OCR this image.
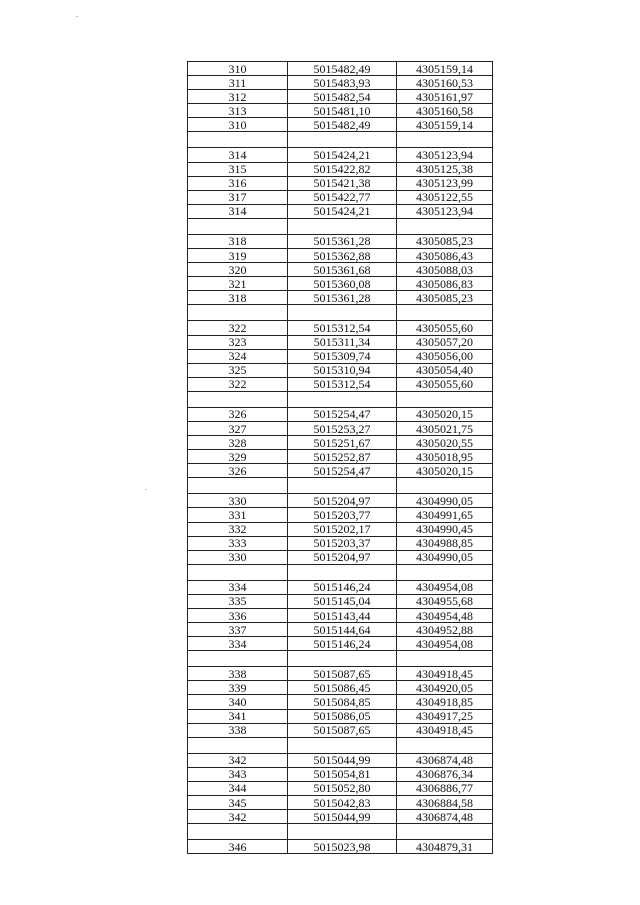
310	5015482,49	4305159,14
311	5015483,93	4305160,53
312	5015482,54	4305161,97
313	5015481,10	4305160,58
310	5015482,49	4305159,14

314	5015424,21	4305123,94
315	5015422,82	4305125,38
316	5015421,38	4305123,99
317	5015422,77	4305122,55
314	5015424,21	4305123,94

318	5015361,28	4305085,23
319	5015362,88	4305086,43
320	5015361,68	4305088,03
321	5015360,08	4305086,83
318	5015361,28	4305085,23

322	5015312,54	4305055,60
323	5015311,34	4305057,20
324	5015309,74	4305056,00
325	5015310,94	4305054,40
322	5015312,54	4305055,60

326	5015254,47	4305020,15
327	5015253,27	4305021,75
328	5015251,67	4305020,55
329	5015252,87	4305018,95
326	5015254,47	4305020,15

330	5015204,97	4304990,05
331	5015203,77	4304991,65
332	5015202,17	4304990,45
333	5015203,37	4304988,85
330	5015204,97	4304990,05

334	5015146,24	4304954,08
335	5015145,04	4304955,68
336	5015143,44	4304954,48
337	5015144,64	4304952,88
334	5015146,24	4304954,08

338	5015087,65	4304918,45
339	5015086,45	4304920,05
340	5015084,85	4304918,85
341	5015086,05	4304917,25
338	5015087,65	4304918,45

342	5015044,99	4306874,48
343	5015054,81	4306876,34
344	5015052,80	4306886,77
345	5015042,83	4306884,58
342	5015044,99	4306874,48

346	5015023,98	4304879,31
